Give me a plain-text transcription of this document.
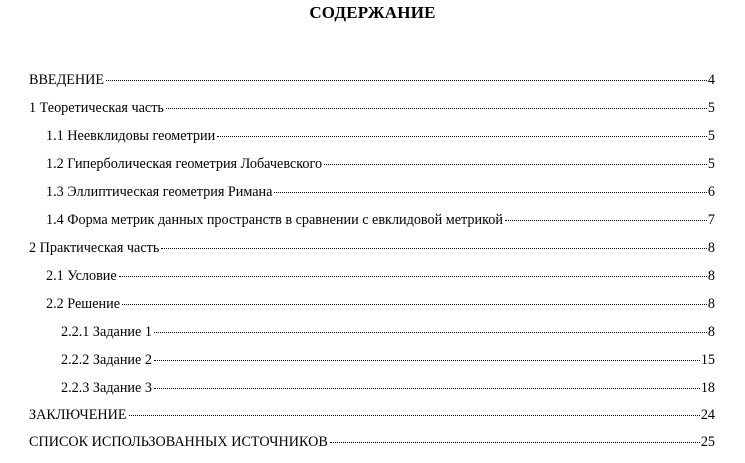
СОДЕРЖАНИЕ
ВВЕДЕНИЕ	4
1 Теоретическая часть	5
1.1 Неевклидовы геометрии	5
1.2 Гиперболическая геометрия Лобачевского	5
1.3 Эллиптическая геометрия Римана	6
1.4 Форма метрик данных пространств в сравнении с евклидовой метрикой	7
2 Практическая часть	8
2.1 Условие	8
2.2 Решение	8
2.2.1 Задание 1	8
2.2.2 Задание 2	15
2.2.3 Задание 3	18
ЗАКЛЮЧЕНИЕ	24
СПИСОК ИСПОЛЬЗОВАННЫХ ИСТОЧНИКОВ	25
